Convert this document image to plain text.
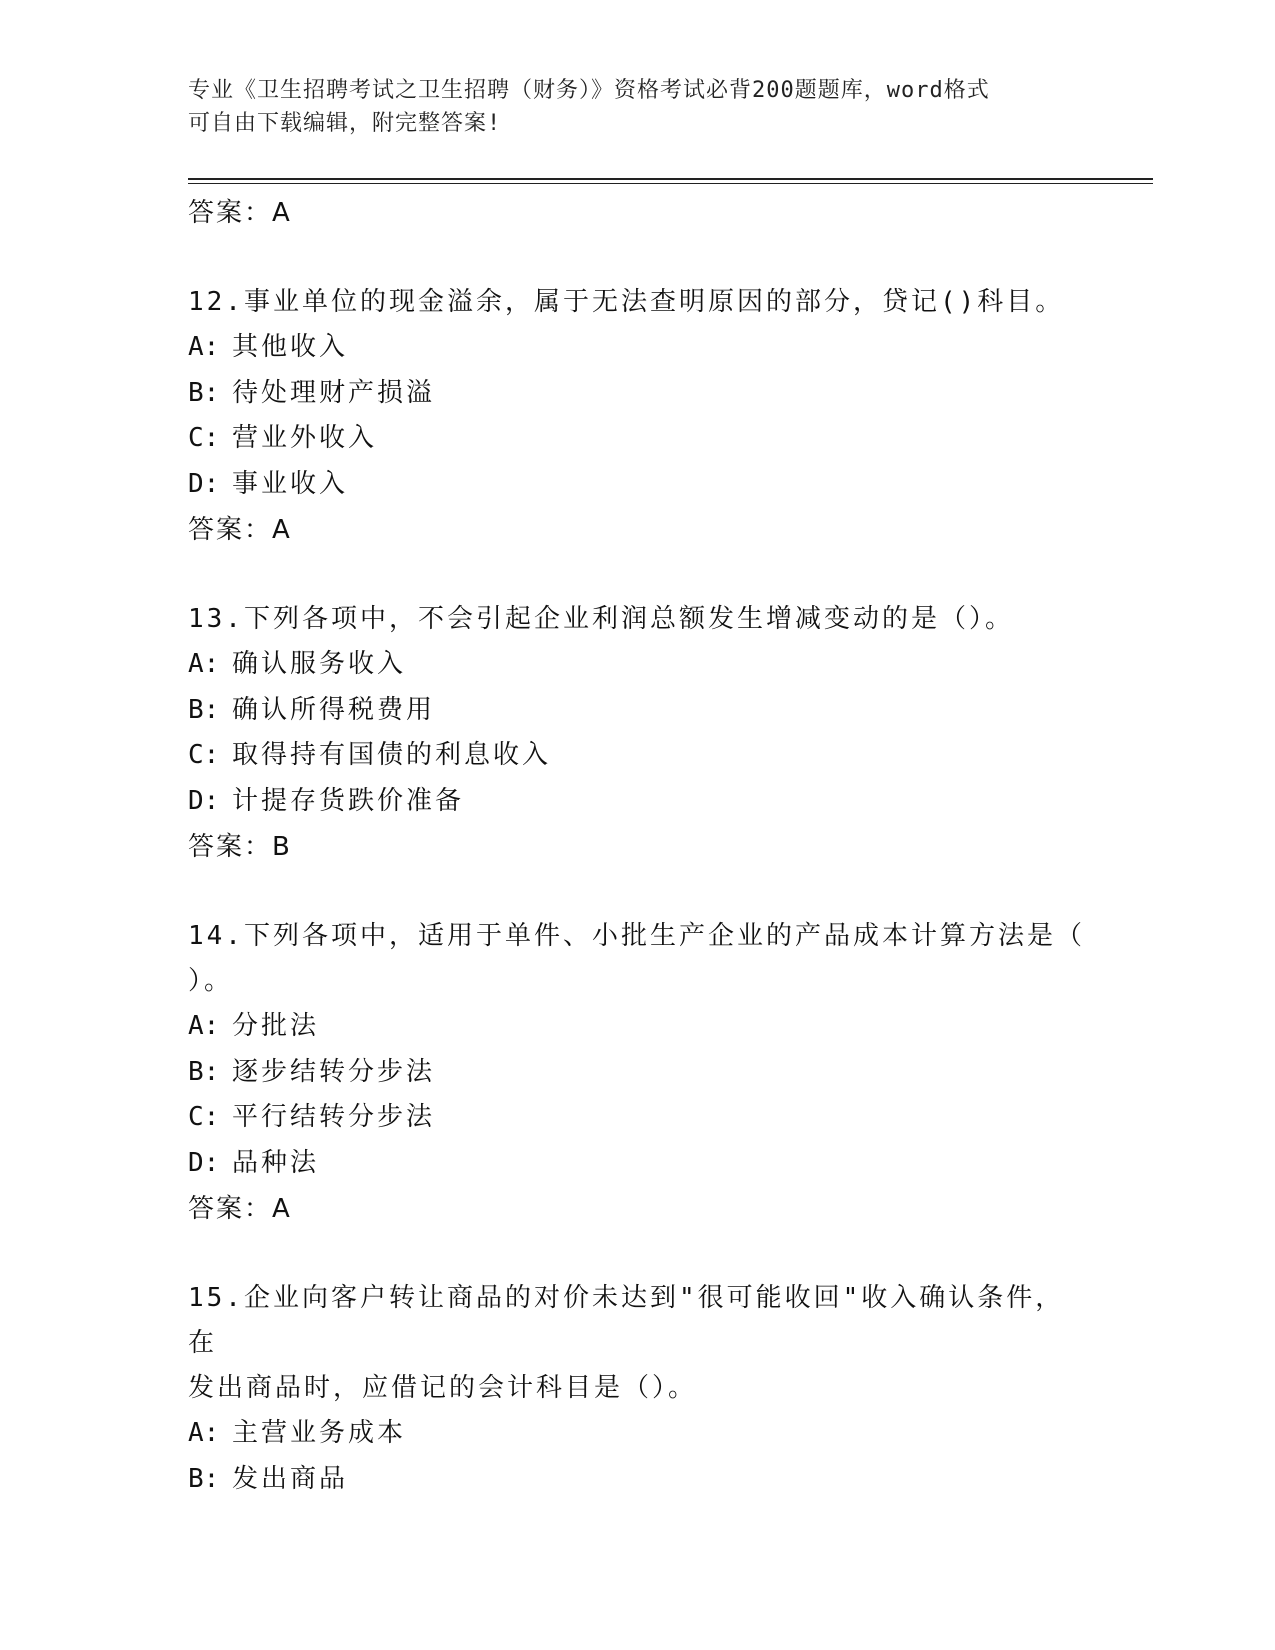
专业《卫生招聘考试之卫生招聘（财务）》资格考试必背200题题库，word格式
可自由下载编辑，附完整答案!
答案：A
12.事业单位的现金溢余，属于无法查明原因的部分，贷记()科目。
A: 其他收入
B: 待处理财产损溢
C: 营业外收入
D: 事业收入
答案：A
13.下列各项中，不会引起企业利润总额发生增减变动的是（）。
A: 确认服务收入
B: 确认所得税费用
C: 取得持有国债的利息收入
D: 计提存货跌价准备
答案：B
14.下列各项中，适用于单件、小批生产企业的产品成本计算方法是（
）。
A: 分批法
B: 逐步结转分步法
C: 平行结转分步法
D: 品种法
答案：A
15.企业向客户转让商品的对价未达到"很可能收回"收入确认条件，在
发出商品时，应借记的会计科目是（）。
A: 主营业务成本
B: 发出商品
